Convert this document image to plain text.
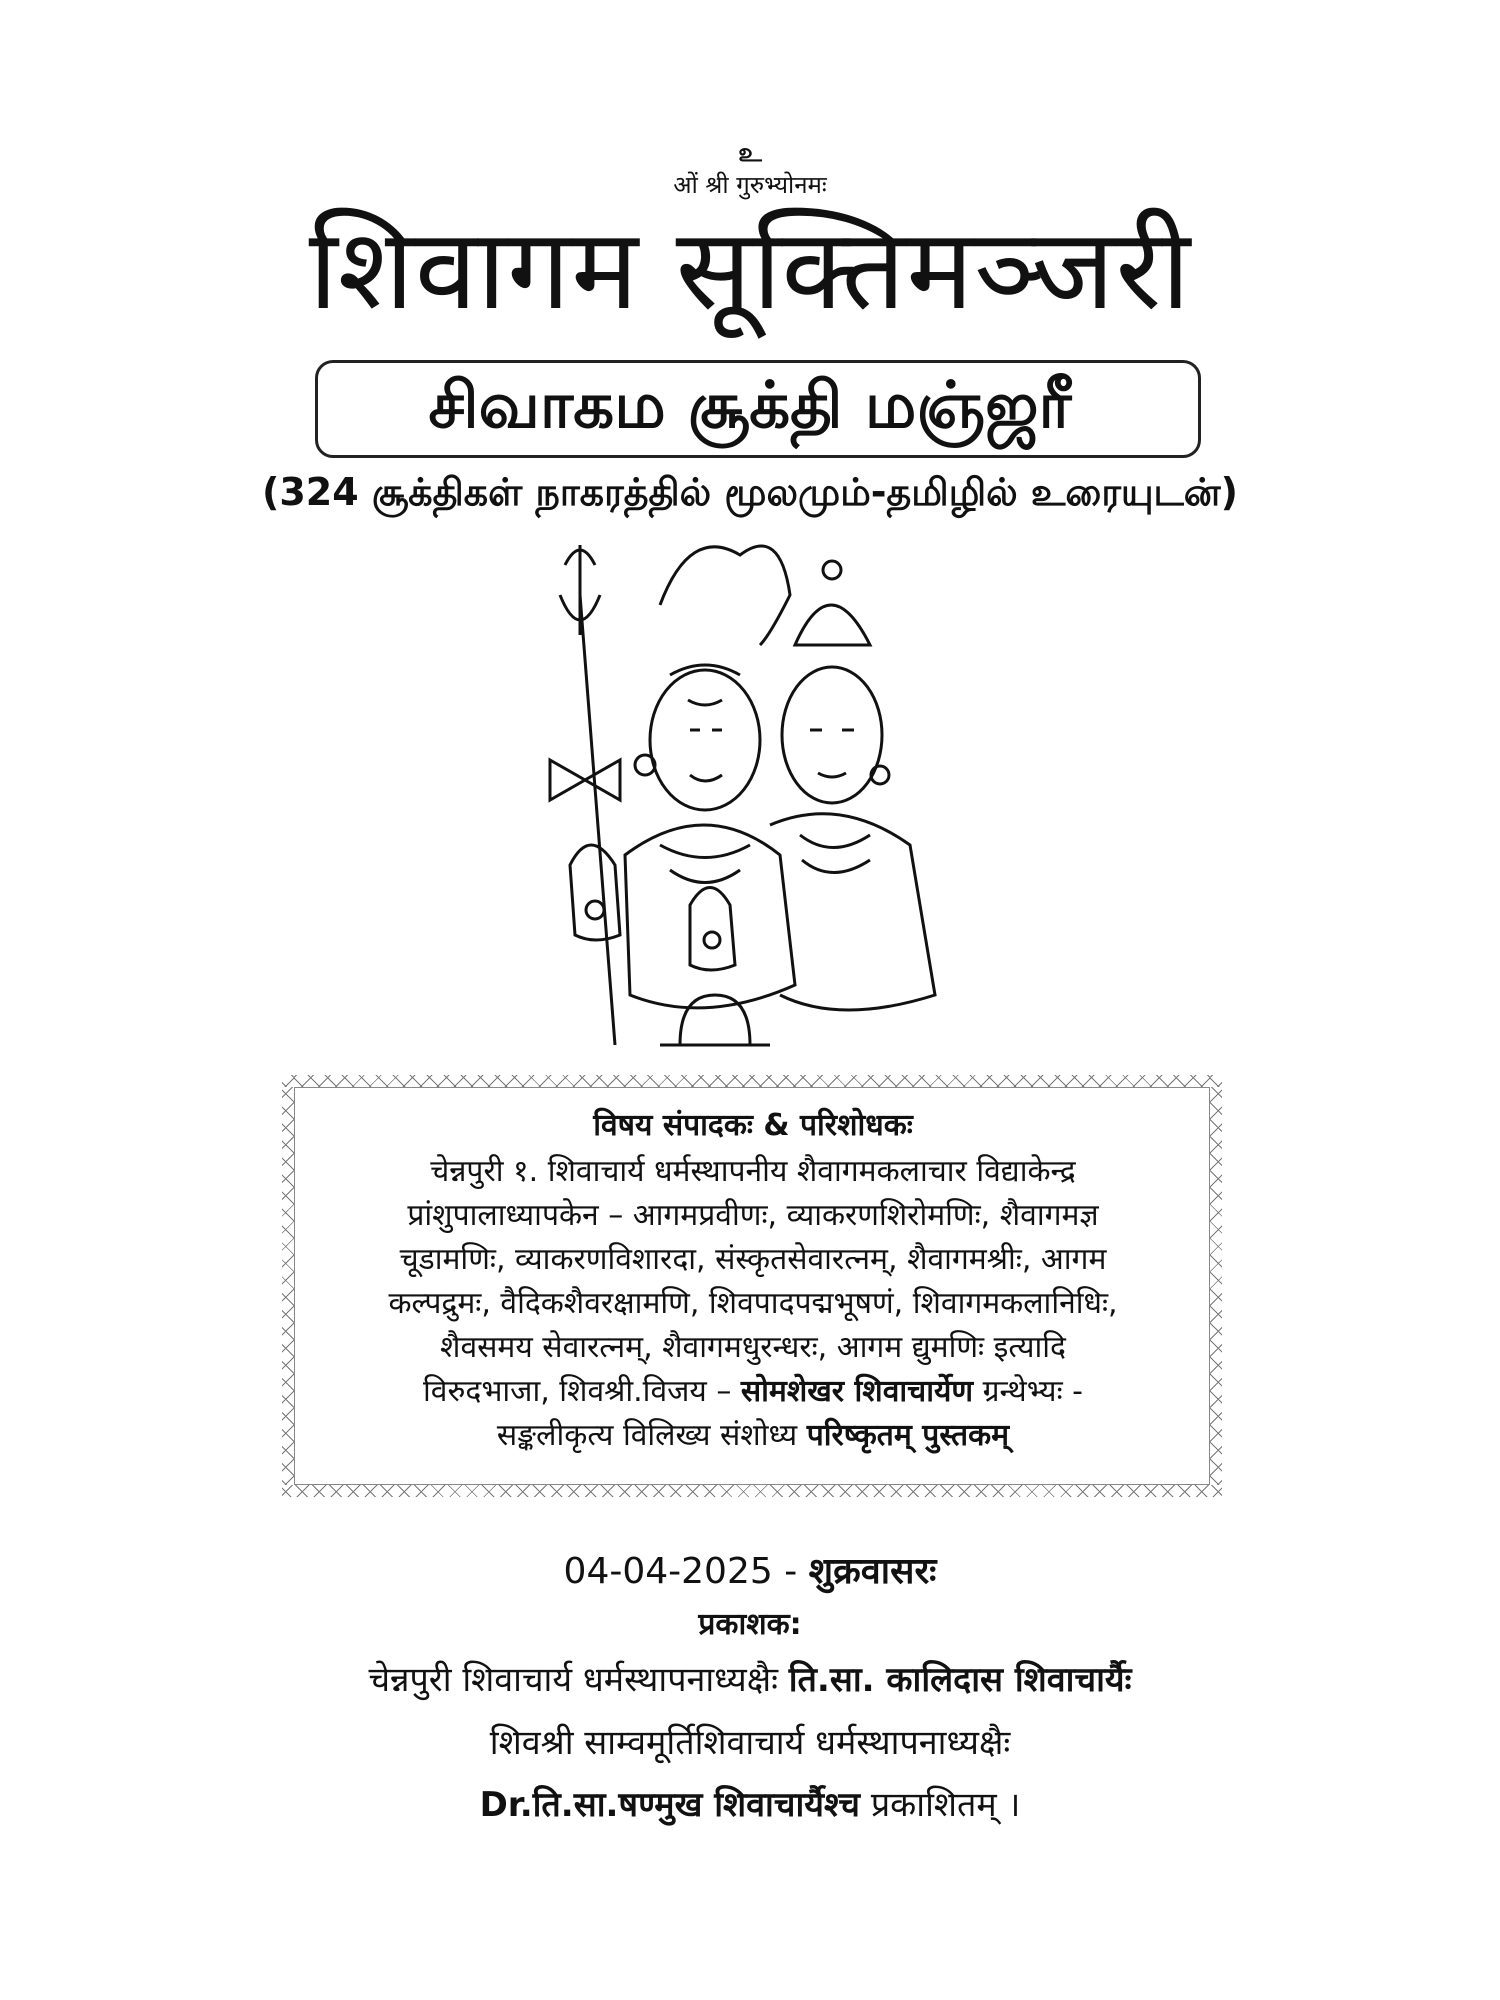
உ
ओं श्री गुरुभ्योनमः
शिवागम सूक्तिमञ्जरी
சிவாகம சூக்தி மஞ்ஜரீ
(324 சூக்திகள் நாகரத்தில் மூலமும்-தமிழில் உரையுடன்)
विषय संपादकः & परिशोधकः
चेन्नपुरी १. शिवाचार्य धर्मस्थापनीय शैवागमकलाचार विद्याकेन्द्र
प्रांशुपालाध्यापकेन – आगमप्रवीणः, व्याकरणशिरोमणिः, शैवागमज्ञ
चूडामणिः, व्याकरणविशारदा, संस्कृतसेवारत्नम्, शैवागमश्रीः, आगम
कल्पद्रुमः, वैदिकशैवरक्षामणि, शिवपादपद्मभूषणं, शिवागमकलानिधिः,
शैवसमय सेवारत्नम्, शैवागमधुरन्धरः, आगम द्युमणिः इत्यादि
विरुदभाजा, शिवश्री.विजय – सोमशेखर शिवाचार्येण ग्रन्थेभ्यः -
सङ्कलीकृत्य विलिख्य संशोध्य परिष्कृतम् पुस्तकम्
04-04-2025 - शुक्रवासरः
प्रकाशक:
चेन्नपुरी शिवाचार्य धर्मस्थापनाध्यक्षैः ति.सा. कालिदास शिवाचार्यैः
शिवश्री साम्वमूर्तिशिवाचार्य धर्मस्थापनाध्यक्षैः
Dr.ति.सा.षण्मुख शिवाचार्यैश्च प्रकाशितम् ।
